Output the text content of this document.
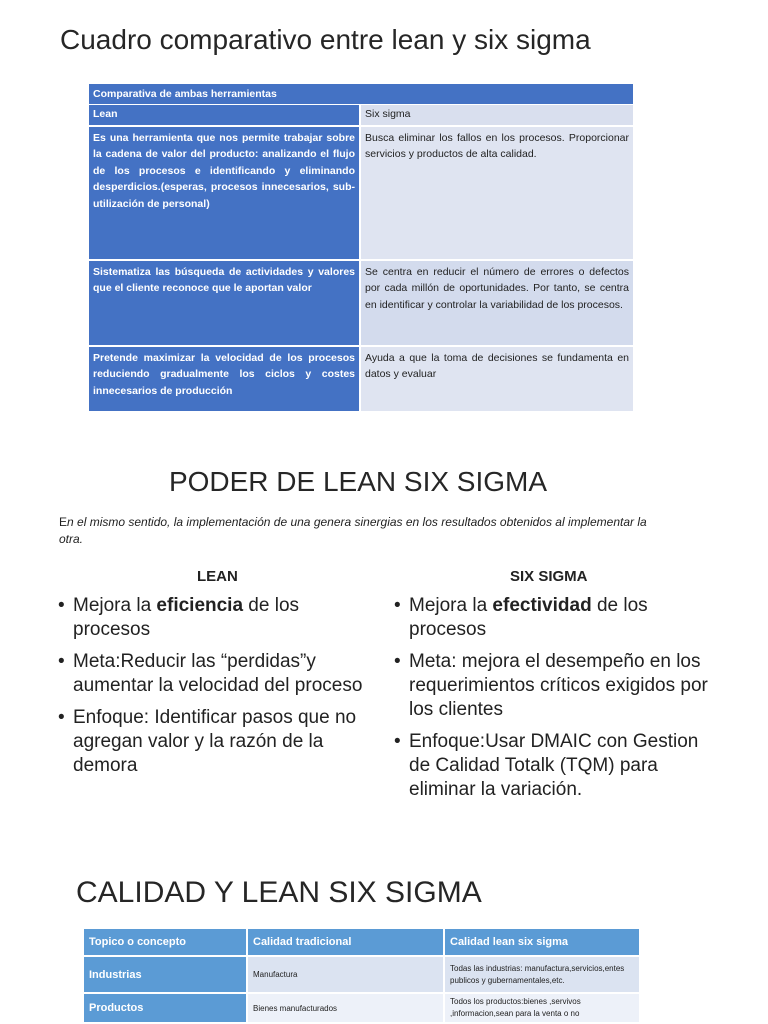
Cuadro comparativo entre lean y six sigma
Comparativa de ambas herramientas	
Lean	Six sigma
Es una herramienta que nos permite trabajar sobre la cadena de valor del producto: analizando el flujo de los procesos e identificando y eliminando desperdicios.(esperas, procesos innecesarios, sub-utilización de personal)	Busca eliminar los fallos en los procesos. Proporcionar servicios y productos de alta calidad.
Sistematiza las búsqueda de actividades y valores que el cliente reconoce que le aportan valor	Se centra en reducir el número de errores o defectos por cada millón de oportunidades. Por tanto, se centra en identificar y controlar la variabilidad de los procesos.
Pretende maximizar la velocidad de los procesos reduciendo gradualmente los ciclos y costes innecesarios de producción	Ayuda a que la toma de decisiones se fundamenta en datos y evaluar
PODER DE LEAN SIX SIGMA

En el mismo sentido, la implementación de una genera sinergias en los resultados obtenidos al implementar la otra.

LEAN	SIX SIGMA
• Mejora la eficiencia de los procesos
• Meta:Reducir las “perdidas”y aumentar la velocidad del proceso
• Enfoque: Identificar pasos que no agregan valor y la razón de la demora
• Mejora la efectividad de los procesos
• Meta: mejora el desempeño en los requerimientos críticos exigidos por los clientes
• Enfoque:Usar DMAIC con Gestion de Calidad Totalk (TQM) para eliminar la variación.
CALIDAD Y LEAN SIX SIGMA
Topico o concepto	Calidad tradicional	Calidad lean six sigma
Industrias	Manufactura	Todas las industrias: manufactura,servicios,entes
publicos y gubernamentales,etc.
Productos	Bienes manufacturados	Todos los productos:bienes ,servivos
,informacion,sean para la venta o no
